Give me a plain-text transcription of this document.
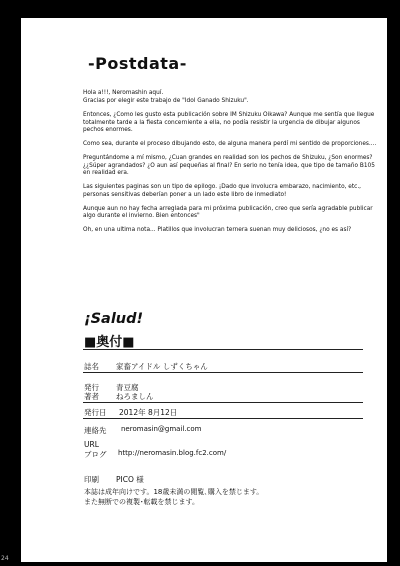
-Postdata-

Hola a!!!, Neromashin aquí.

Gracias por elegir este trabajo de "Idol Ganado Shizuku".

Entonces, ¿Como les gusto esta publicación sobre IM Shizuku Oikawa? Aunque me sentía que llegue totalmente tarde a la fiesta concerniente a ella, no podía resistir la urgencia de dibujar algunos pechos enormes.

Como sea, durante el proceso dibujando esto, de alguna manera perdí mi sentido de proporciones....

Preguntándome a mí mismo, ¿Cuan grandes en realidad son los pechos de Shizuku, ¿Son enormes? ¿¿Súper agrandados? ¿O aun así pequeñas al final? En serio no tenía idea, que tipo de tamaño B105 en realidad era.

Las siguientes paginas son un tipo de epilogo. ¡Dado que involucra embarazo, nacimiento, etc., personas sensitivas deberían poner a un lado este libro de inmediato!

Aunque aun no hay fecha arreglada para mi próxima publicación, creo que sería agradable publicar algo durante el invierno. Bien entonces"

Oh, en una ultima nota... Platillos que involucran ternera suenan muy deliciosos, ¿no es así?

¡Salud!
■奥付■
誌名 家畜アイドル しずくちゃん
発行 青豆腐
著者 ねろましん
発行日 2012年 8月12日
連絡先 neromasin@gmail.com
URL
ブログ http://neromasin.blog.fc2.com/
印刷 PICO 様
本誌は成年向けです。18歳未満の閲覧､購入を禁じます。
また無断での複製･転載を禁じます。
24
